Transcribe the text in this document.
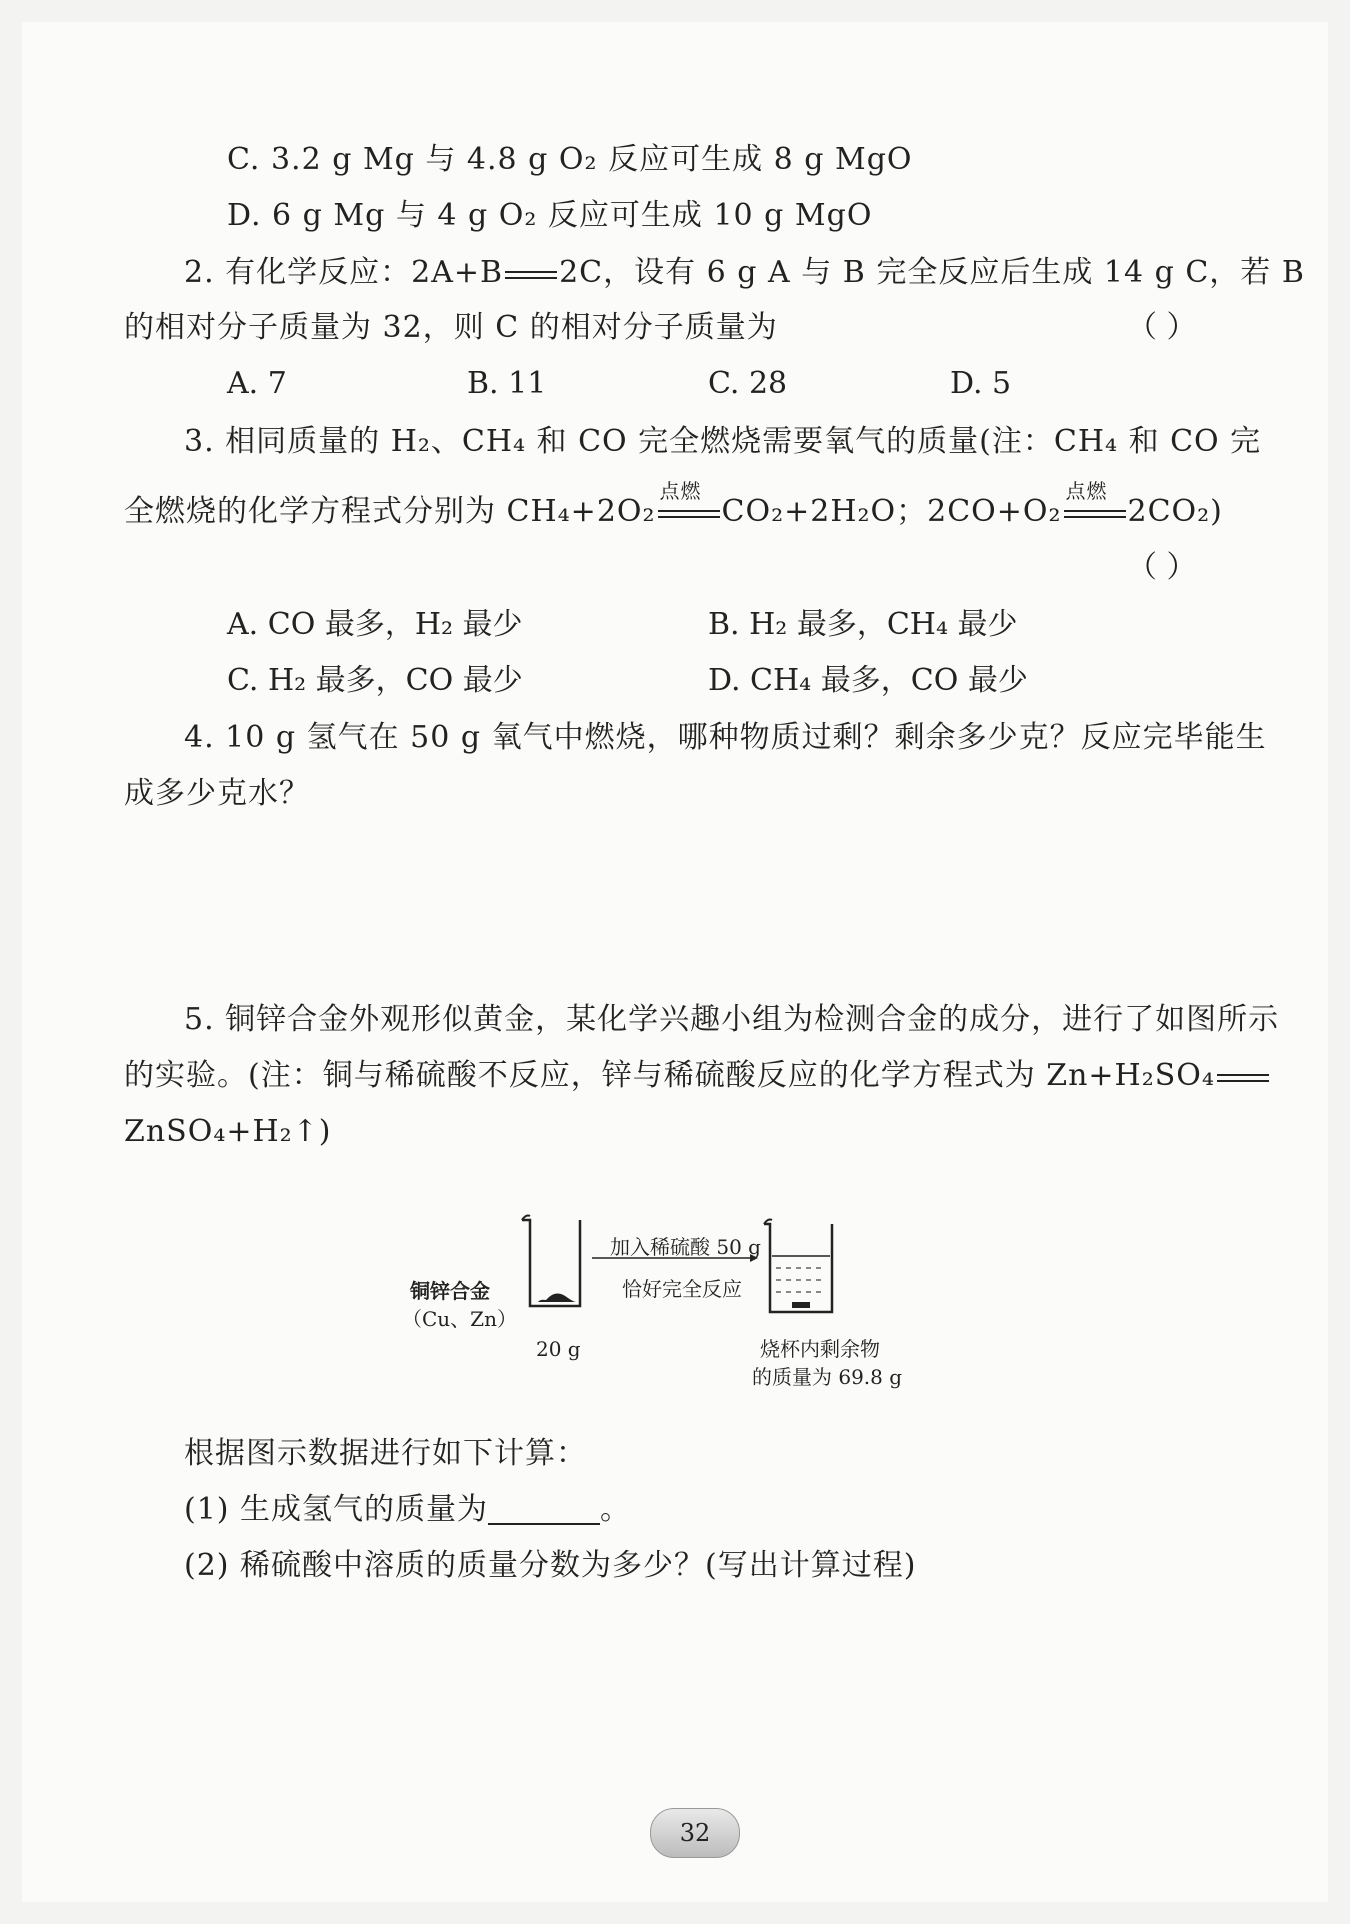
C. 3.2 g Mg 与 4.8 g O₂ 反应可生成 8 g MgO
D. 6 g Mg 与 4 g O₂ 反应可生成 10 g MgO
2. 有化学反应：2A+B 2C，设有 6 g A 与 B 完全反应后生成 14 g C，若 B
的相对分子质量为 32，则 C 的相对分子质量为	（ ）
A. 7	B. 11	C. 28	D. 5
3. 相同质量的 H₂、CH₄ 和 CO 完全燃烧需要氧气的质量(注：CH₄ 和 CO 完
全燃烧的化学方程式分别为 CH₄+2O₂
点燃
CO₂+2H₂O；2CO+O₂
点燃
2CO₂)
（ ）
A. CO 最多，H₂ 最少	B. H₂ 最多，CH₄ 最少
C. H₂ 最多，CO 最少	D. CH₄ 最多，CO 最少
4. 10 g 氢气在 50 g 氧气中燃烧，哪种物质过剩？剩余多少克？反应完毕能生
成多少克水？
5. 铜锌合金外观形似黄金，某化学兴趣小组为检测合金的成分，进行了如图所示
的实验。(注：铜与稀硫酸不反应，锌与稀硫酸反应的化学方程式为 Zn+H₂SO₄
ZnSO₄+H₂↑)
铜锌合金
（Cu、Zn）
20 g
加入稀硫酸 50 g
恰好完全反应
烧杯内剩余物
的质量为 69.8 g
根据图示数据进行如下计算：
(1) 生成氢气的质量为	。
(2) 稀硫酸中溶质的质量分数为多少？(写出计算过程)
32
